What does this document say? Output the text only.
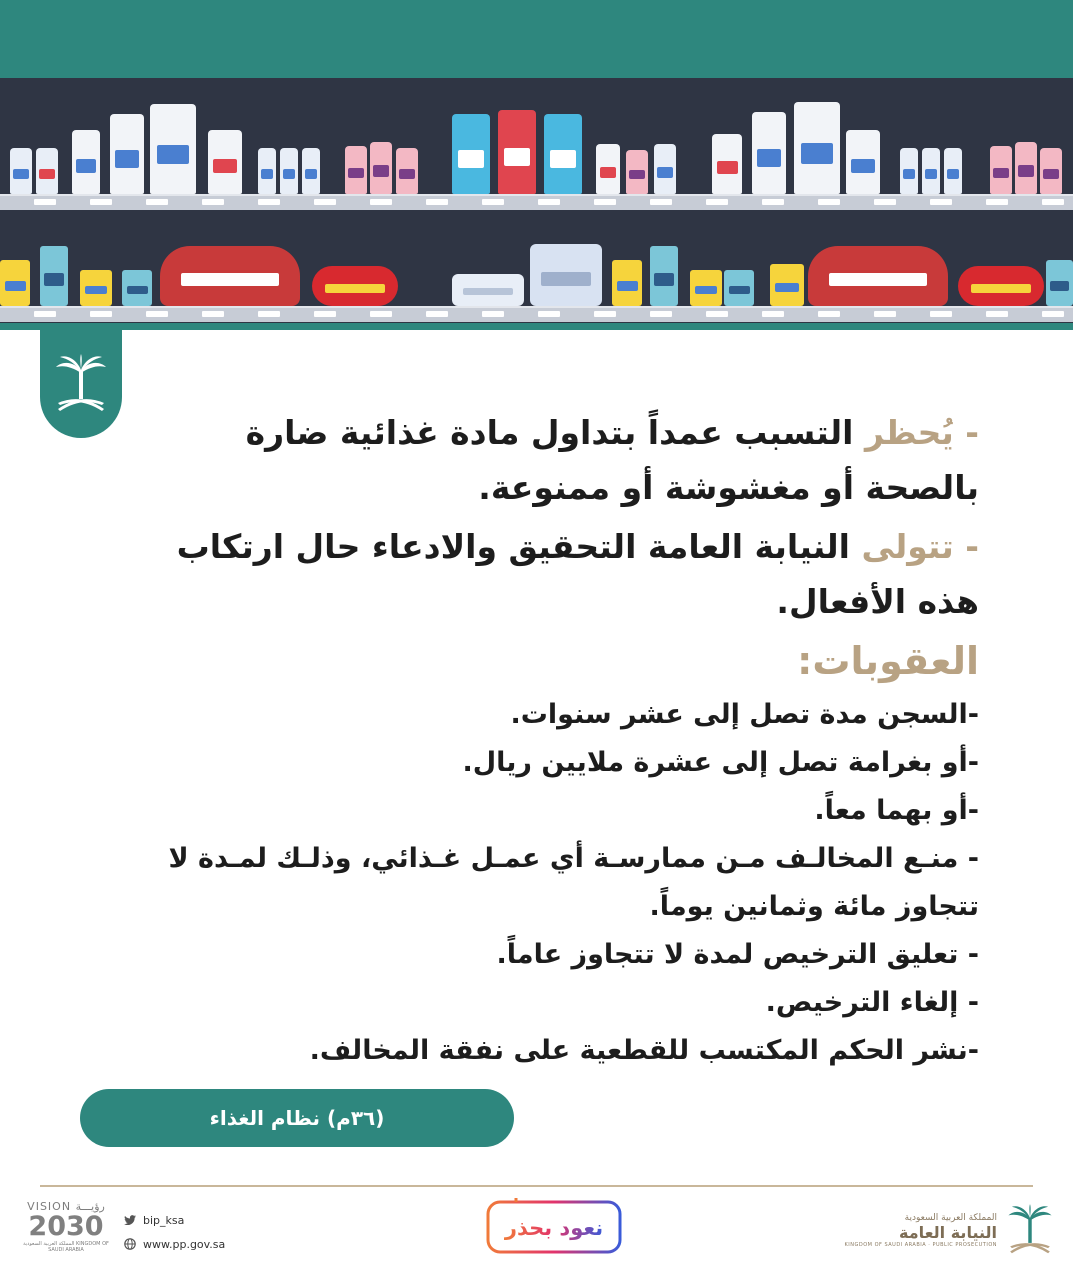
- يُحظر التسبب عمداً بتداول مادة غذائية ضارة بالصحة أو مغشوشة أو ممنوعة.

- تتولى النيابة العامة التحقيق والادعاء حال ارتكاب هذه الأفعال.

العقوبات:

-السجن مدة تصل إلى عشر سنوات.

-أو بغرامة تصل إلى عشرة ملايين ريال.

-أو بهما معاً.

- منـع المخالـف مـن ممارسـة أي عمـل غـذائي، وذلـك لمـدة لا تتجاوز مائة وثمانين يوماً.

- تعليق الترخيص لمدة لا تتجاوز عاماً.

- إلغاء الترخيص.

-نشر الحكم المكتسب للقطعية على نفقة المخالف.

(٣٦م) نظام الغذاء
VISION رؤيـــة
2030
المملكة العربية السعودية KINGDOM OF SAUDI ARABIA
bip_ksa
www.pp.gov.sa
نعود بحذر	المملكة العربية السعودية
النيابة العامة
KINGDOM OF SAUDI ARABIA · PUBLIC PROSECUTION
